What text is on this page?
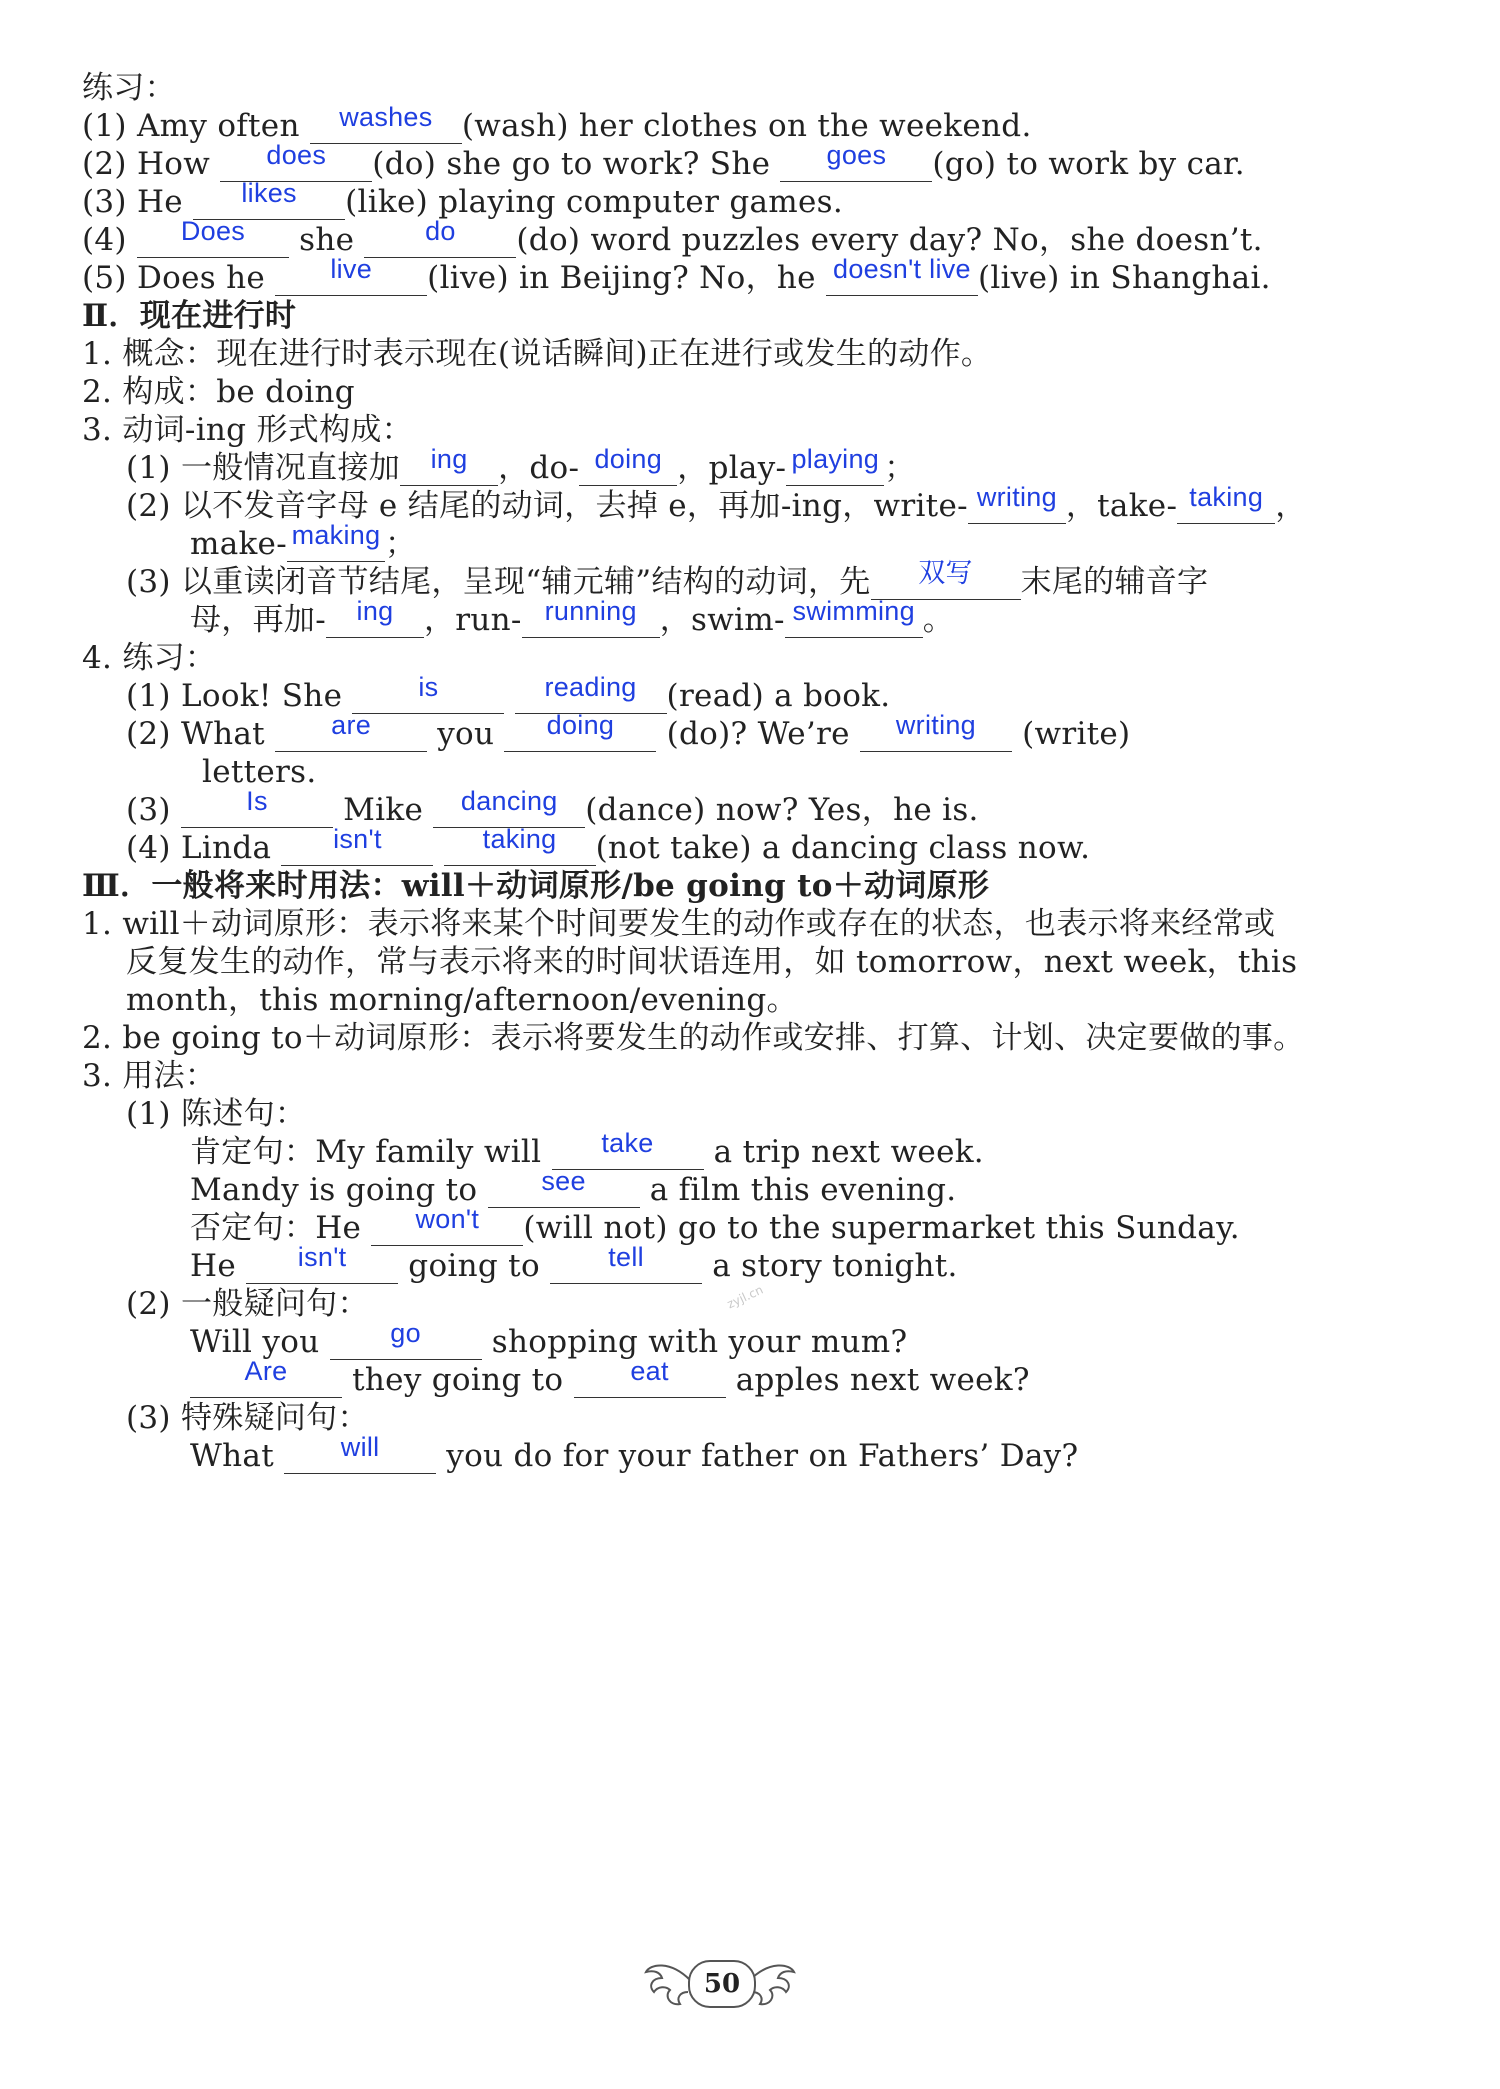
练习：
(1) Amy often washes (wash) her clothes on the weekend.
(2) How does (do) she go to work? She goes (go) to work by car.
(3) He likes (like) playing computer games.
(4) Does she do (do) word puzzles every day? No，she doesn’t.
(5) Does he live (live) in Beijing? No，he doesn't live (live) in Shanghai.
Ⅱ．现在进行时
1. 概念：现在进行时表示现在(说话瞬间)正在进行或发生的动作。
2. 构成：be doing
3. 动词-ing 形式构成：
(1) 一般情况直接加 ing ，do- doing ，play- playing ；
(2) 以不发音字母 e 结尾的动词，去掉 e，再加-ing，write- writing ，take- taking ，
make- making ；
(3) 以重读闭音节结尾，呈现“辅元辅”结构的动词，先 双写 末尾的辅音字
母，再加- ing ，run- running ，swim- swimming 。
4. 练习：
(1) Look! She is	reading (read) a book.
(2) What are you doing (do)? We’re writing (write)
letters.
(3) Is Mike dancing (dance) now? Yes，he is.
(4) Linda isn't	taking (not take) a dancing class now.
Ⅲ．一般将来时用法：will＋动词原形/be going to＋动词原形
1. will＋动词原形：表示将来某个时间要发生的动作或存在的状态，也表示将来经常或
反复发生的动作，常与表示将来的时间状语连用，如 tomorrow，next week，this
month，this morning/afternoon/evening。
2. be going to＋动词原形：表示将要发生的动作或安排、打算、计划、决定要做的事。
3. 用法：
(1) 陈述句：
肯定句：My family will take a trip next week.
Mandy is going to see a film this evening.
否定句：He won't (will not) go to the supermarket this Sunday.
He isn't going to tell a story tonight.
(2) 一般疑问句：
Will you go shopping with your mum?
Are they going to eat apples next week?
(3) 特殊疑问句：
What will you do for your father on Fathers’ Day?
zyjl.cn
50
